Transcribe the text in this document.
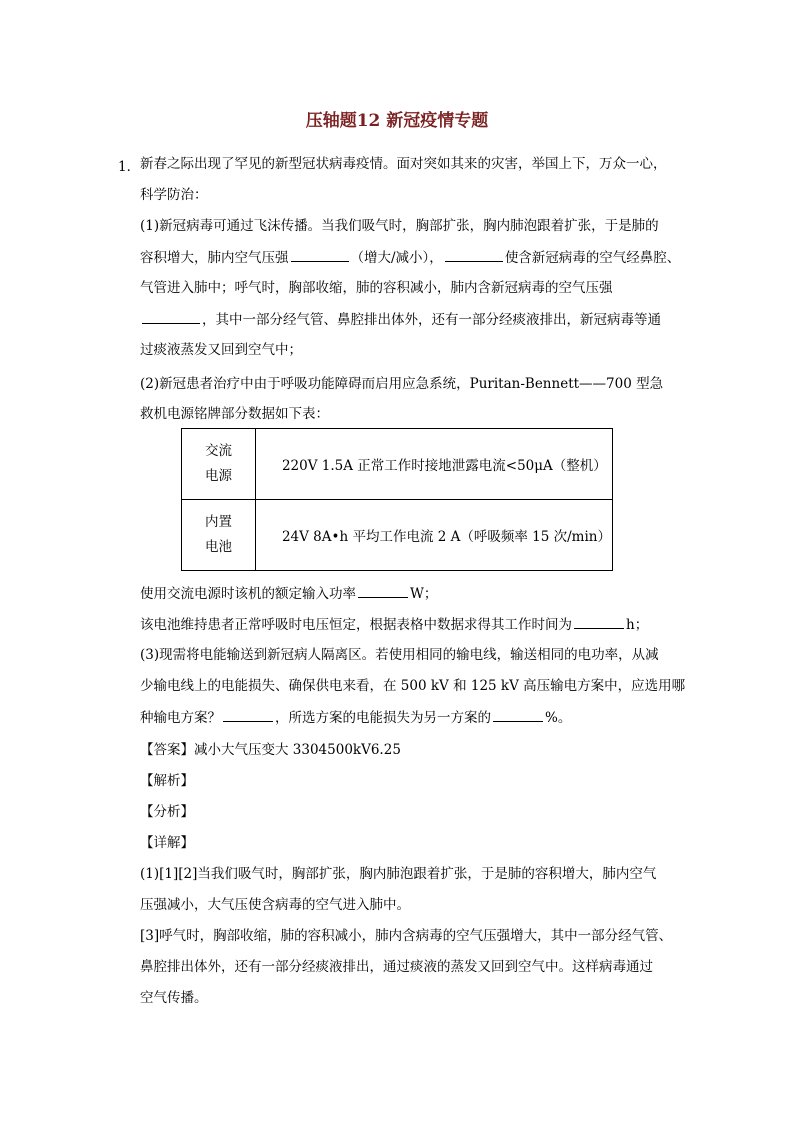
压轴题12 新冠疫情专题
1． 新春之际出现了罕见的新型冠状病毒疫情。面对突如其来的灾害，举国上下，万众一心，
科学防治：
(1)新冠病毒可通过飞沫传播。当我们吸气时，胸部扩张，胸内肺泡跟着扩张，于是肺的
容积增大，肺内空气压强	（增大/减小），	使含新冠病毒的空气经鼻腔、
气管进入肺中；呼气时，胸部收缩，肺的容积减小，肺内含新冠病毒的空气压强
，其中一部分经气管、鼻腔排出体外，还有一部分经痰液排出，新冠病毒等通
过痰液蒸发又回到空气中；
(2)新冠患者治疗中由于呼吸功能障碍而启用应急系统，Puritan-Bennett——700 型急
救机电源铭牌部分数据如下表：
交流
电源	220V 1.5A 正常工作时接地泄露电流<50μA（整机）

内置
电池	24V 8A•h 平均工作电流 2 A（呼吸频率 15 次/min）
使用交流电源时该机的额定输入功率	W；
该电池维持患者正常呼吸时电压恒定，根据表格中数据求得其工作时间为	h；
(3)现需将电能输送到新冠病人隔离区。若使用相同的输电线，输送相同的电功率，从减
少输电线上的电能损失、确保供电来看，在 500 kV 和 125 kV 高压输电方案中，应选用哪
种输电方案？	，所选方案的电能损失为另一方案的	%。
【答案】减小大气压变大 3304500kV6.25
【解析】
【分析】
【详解】
(1)[1][2]当我们吸气时，胸部扩张，胸内肺泡跟着扩张，于是肺的容积增大，肺内空气
压强减小，大气压使含病毒的空气进入肺中。
[3]呼气时，胸部收缩，肺的容积减小，肺内含病毒的空气压强增大，其中一部分经气管、
鼻腔排出体外，还有一部分经痰液排出，通过痰液的蒸发又回到空气中。这样病毒通过
空气传播。
